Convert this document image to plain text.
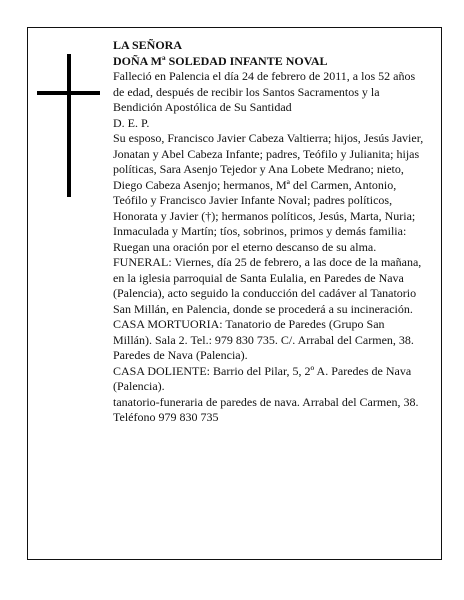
LA SEÑORA

DOÑA Mª SOLEDAD INFANTE NOVAL

Falleció en Palencia el día 24 de febrero de 2011, a los 52 años de edad, después de recibir los Santos Sacramentos y la Bendición Apostólica de Su Santidad

D. E. P.

Su esposo, Francisco Javier Cabeza Valtierra; hijos, Jesús Javier, Jonatan y Abel Cabeza Infante; padres, Teófilo y Julianita; hijas políticas, Sara Asenjo Tejedor y Ana Lobete Medrano; nieto, Diego Cabeza Asenjo; hermanos, Mª del Carmen, Antonio, Teófilo y Francisco Javier Infante Noval; padres políticos, Honorata y Javier (†); hermanos políticos, Jesús, Marta, Nuria; Inmaculada y Martín; tíos, sobrinos, primos y demás familia:

Ruegan una oración por el eterno descanso de su alma.

FUNERAL: Viernes, día 25 de febrero, a las doce de la mañana, en la iglesia parroquial de Santa Eulalia, en Paredes de Nava (Palencia), acto seguido la conducción del cadáver al Tanatorio San Millán, en Palencia, donde se procederá a su incineración.

CASA MORTUORIA: Tanatorio de Paredes (Grupo San Millán). Sala 2. Tel.: 979 830 735. C/. Arrabal del Carmen, 38. Paredes de Nava (Palencia).

CASA DOLIENTE: Barrio del Pilar, 5, 2º A. Paredes de Nava (Palencia).

tanatorio-funeraria de paredes de nava. Arrabal del Carmen, 38. Teléfono 979 830 735
